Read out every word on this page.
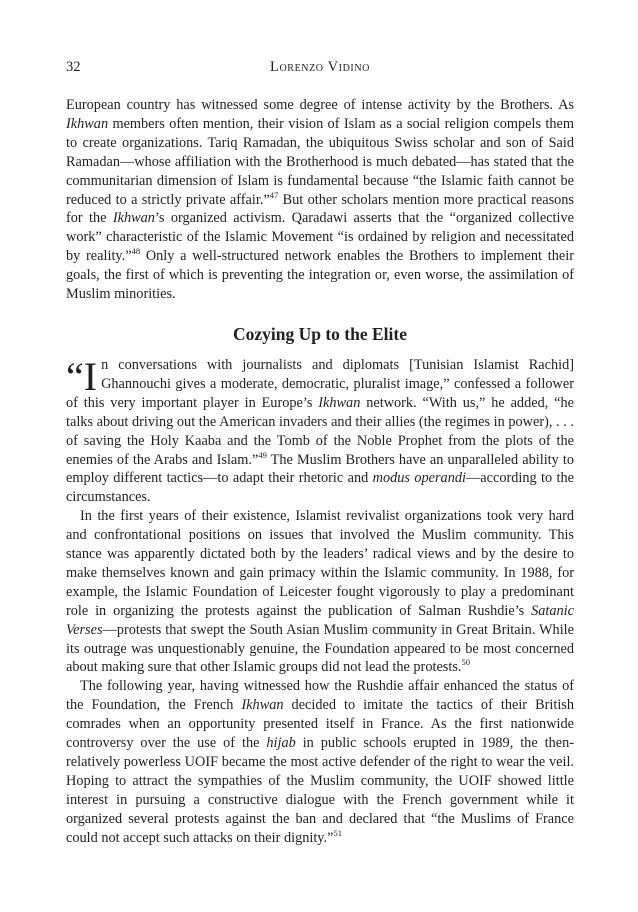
32	Lorenzo Vidino

European country has witnessed some degree of intense activity by the Brothers. As Ikhwan members often mention, their vision of Islam as a social religion compels them to create organizations. Tariq Ramadan, the ubiquitous Swiss scholar and son of Said Ramadan—whose affiliation with the Brotherhood is much debated—has stated that the communitarian dimension of Islam is fundamental because “the Islamic faith cannot be reduced to a strictly private affair.”$^{47}$ But other scholars mention more practical reasons for the Ikhwan’s organized activism. Qaradawi asserts that the “organized collective work” characteristic of the Islamic Movement “is ordained by religion and necessitated by reality.”$^{48}$ Only a well-structured network enables the Brothers to implement their goals, the first of which is preventing the integration or, even worse, the assimilation of Muslim minorities.

Cozying Up to the Elite

“In conversations with journalists and diplomats [Tunisian Islamist Rachid] Ghannouchi gives a moderate, democratic, pluralist image,” confessed a follower of this very important player in Europe’s Ikhwan network. “With us,” he added, “he talks about driving out the American invaders and their allies (the regimes in power), . . . of saving the Holy Kaaba and the Tomb of the Noble Prophet from the plots of the enemies of the Arabs and Islam.”$^{49}$ The Muslim Brothers have an unparalleled ability to employ different tactics—to adapt their rhetoric and modus operandi—according to the circumstances.

In the first years of their existence, Islamist revivalist organizations took very hard and confrontational positions on issues that involved the Muslim community. This stance was apparently dictated both by the leaders’ radical views and by the desire to make themselves known and gain primacy within the Islamic community. In 1988, for example, the Islamic Foundation of Leicester fought vigorously to play a predominant role in organizing the protests against the publication of Salman Rushdie’s Satanic Verses—protests that swept the South Asian Muslim community in Great Britain. While its outrage was unquestionably genuine, the Foundation appeared to be most concerned about making sure that other Islamic groups did not lead the protests.$^{50}$

The following year, having witnessed how the Rushdie affair enhanced the status of the Foundation, the French Ikhwan decided to imitate the tactics of their British comrades when an opportunity presented itself in France. As the first nationwide controversy over the use of the hijab in public schools erupted in 1989, the then-relatively powerless UOIF became the most active defender of the right to wear the veil. Hoping to attract the sympathies of the Muslim community, the UOIF showed little interest in pursuing a constructive dialogue with the French government while it organized several protests against the ban and declared that “the Muslims of France could not accept such attacks on their dignity.”$^{51}$
